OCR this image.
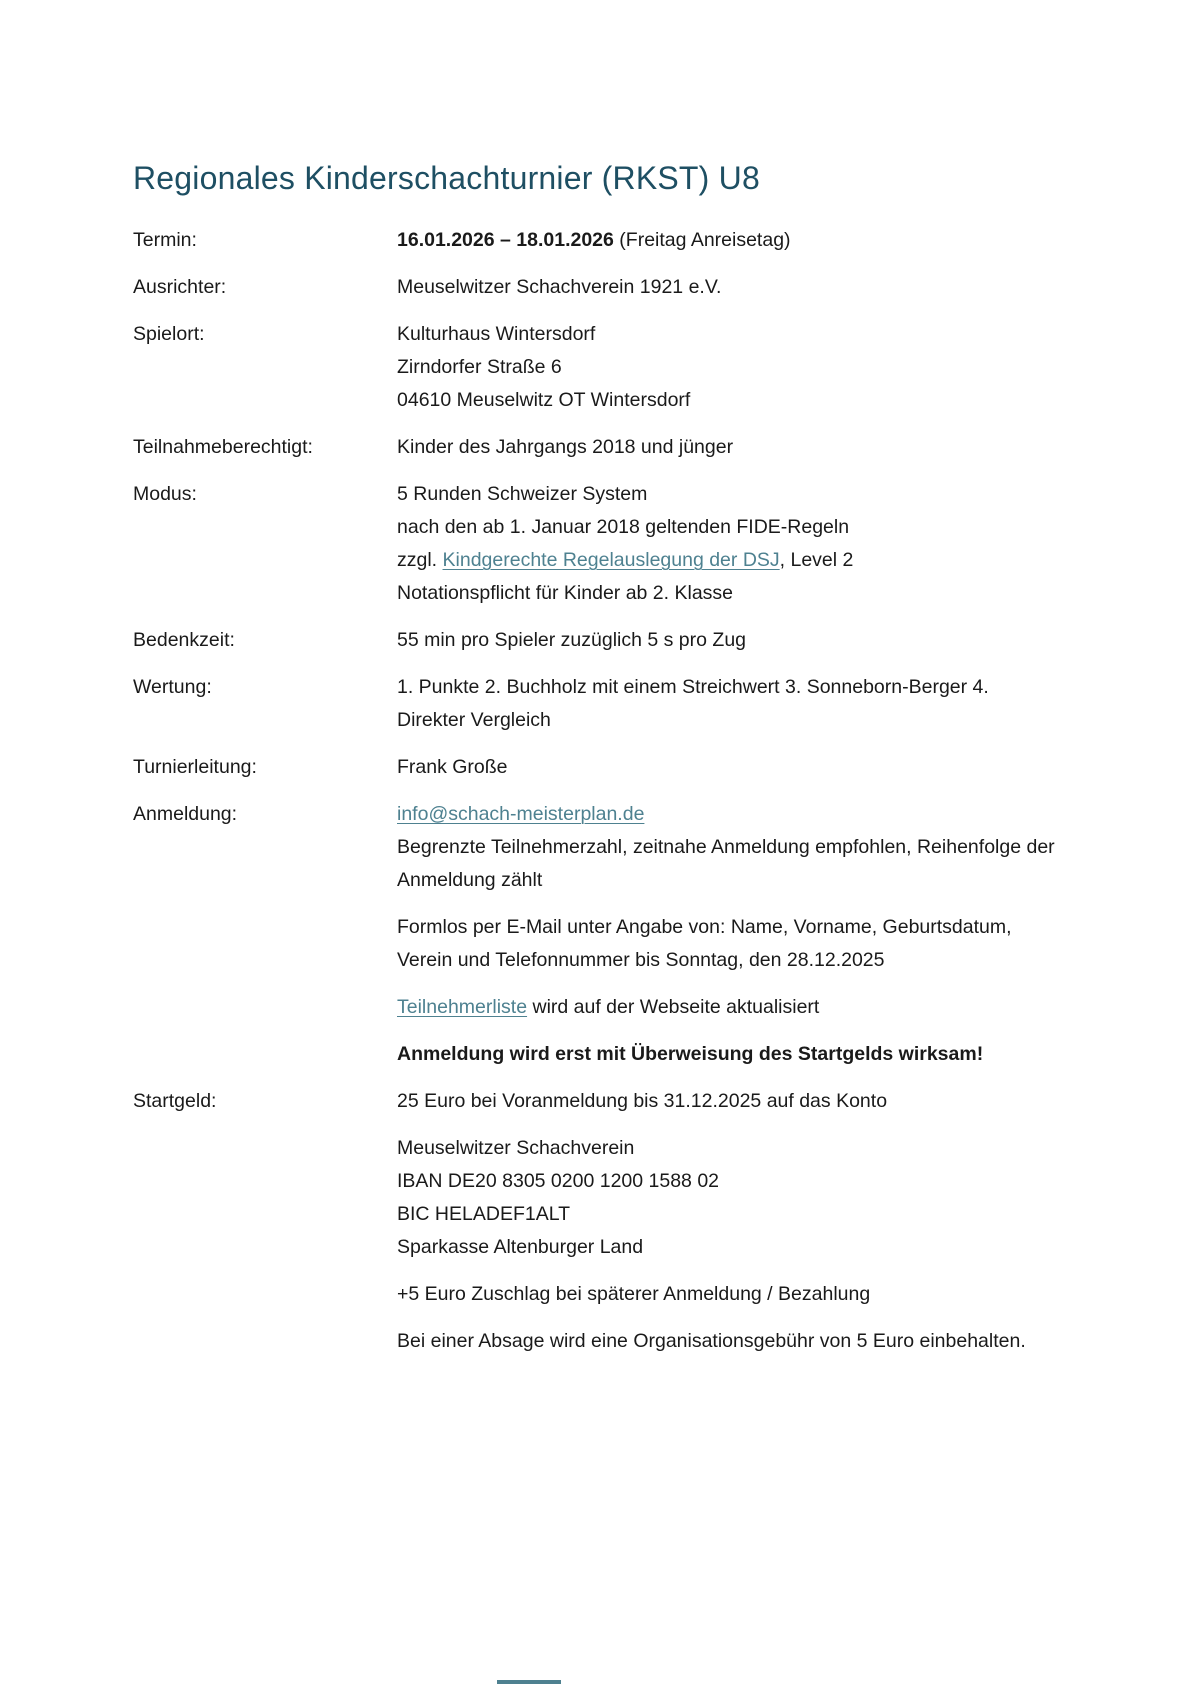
Regionales Kinderschachturnier (RKST) U8
Termin:	16.01.2026 – 18.01.2026 (Freitag Anreisetag)

Ausrichter:	Meuselwitzer Schachverein 1921 e.V.

Spielort:	Kulturhaus Wintersdorf
Zirndorfer Straße 6
04610 Meuselwitz OT Wintersdorf
Teilnahmeberechtigt:	Kinder des Jahrgangs 2018 und jünger

Modus:	5 Runden Schweizer System
nach den ab 1. Januar 2018 geltenden FIDE-Regeln
zzgl. Kindgerechte Regelauslegung der DSJ, Level 2
Notationspflicht für Kinder ab 2. Klasse
Bedenkzeit:	55 min pro Spieler zuzüglich 5 s pro Zug

Wertung:	1. Punkte 2. Buchholz mit einem Streichwert 3. Sonneborn-Berger 4. Direkter Vergleich

Turnierleitung:	Frank Große

Anmeldung:	info@schach-meisterplan.de
Begrenzte Teilnehmerzahl, zeitnahe Anmeldung empfohlen, Reihenfolge der Anmeldung zählt

Formlos per E-Mail unter Angabe von: Name, Vorname, Geburtsdatum, Verein und Telefonnummer bis Sonntag, den 28.12.2025

Teilnehmerliste wird auf der Webseite aktualisiert

Anmeldung wird erst mit Überweisung des Startgelds wirksam!

Startgeld:	25 Euro bei Voranmeldung bis 31.12.2025 auf das Konto

Meuselwitzer Schachverein
IBAN DE20 8305 0200 1200 1588 02
BIC HELADEF1ALT
Sparkasse Altenburger Land

+5 Euro Zuschlag bei späterer Anmeldung / Bezahlung

Bei einer Absage wird eine Organisationsgebühr von 5 Euro einbehalten.
